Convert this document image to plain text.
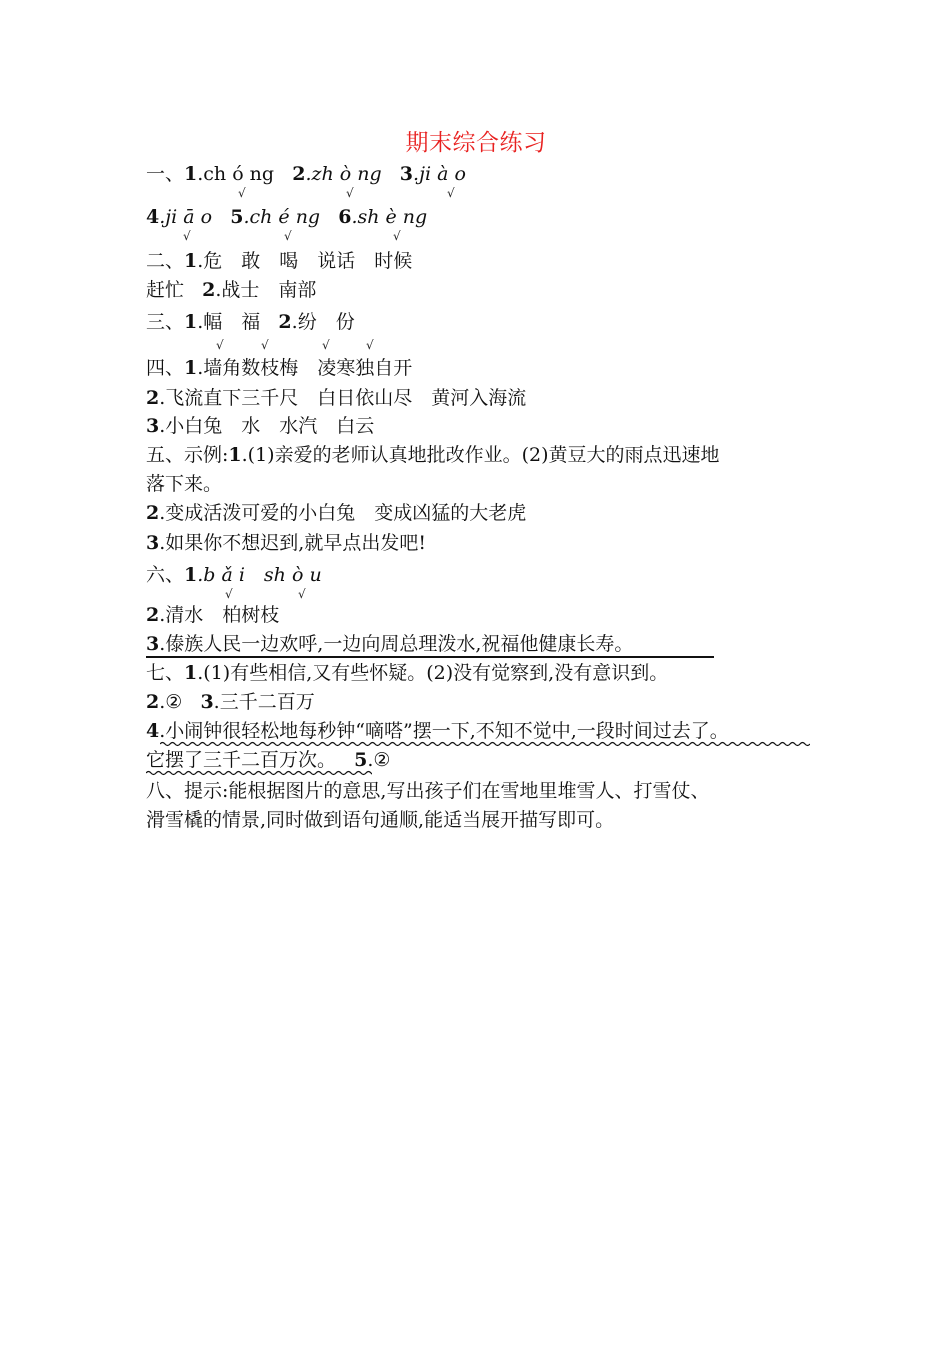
期末综合练习
一、1.ch ó ng 2.zh ò ng 3.ji à o
√	√	√
4.ji ā o 5.ch é ng 6.sh è ng
√	√	√
二、1.危　敢　喝　说话　时候
赶忙 2.战士　南部
三、1.幅　福 2.纷　份
√	√	√	√
四、1.墙角数枝梅　凌寒独自开
2.飞流直下三千尺　白日依山尽　黄河入海流
3.小白兔　水　水汽　白云
五、示例:1.(1)亲爱的老师认真地批改作业。(2)黄豆大的雨点迅速地
落下来。
2.变成活泼可爱的小白兔　变成凶猛的大老虎
3.如果你不想迟到,就早点出发吧!
六、1.b ǎ i　sh ò u
√	√
2.清水　柏树枝
3.傣族人民一边欢呼,一边向周总理泼水,祝福他健康长寿。
七、1.(1)有些相信,又有些怀疑。(2)没有觉察到,没有意识到。
2.② 3.三千二百万
4.小闹钟很轻松地每秒钟“嘀嗒”摆一下,不知不觉中,一段时间过去了。
它摆了三千二百万次。 5.②
八、提示:能根据图片的意思,写出孩子们在雪地里堆雪人、打雪仗、
滑雪橇的情景,同时做到语句通顺,能适当展开描写即可。
